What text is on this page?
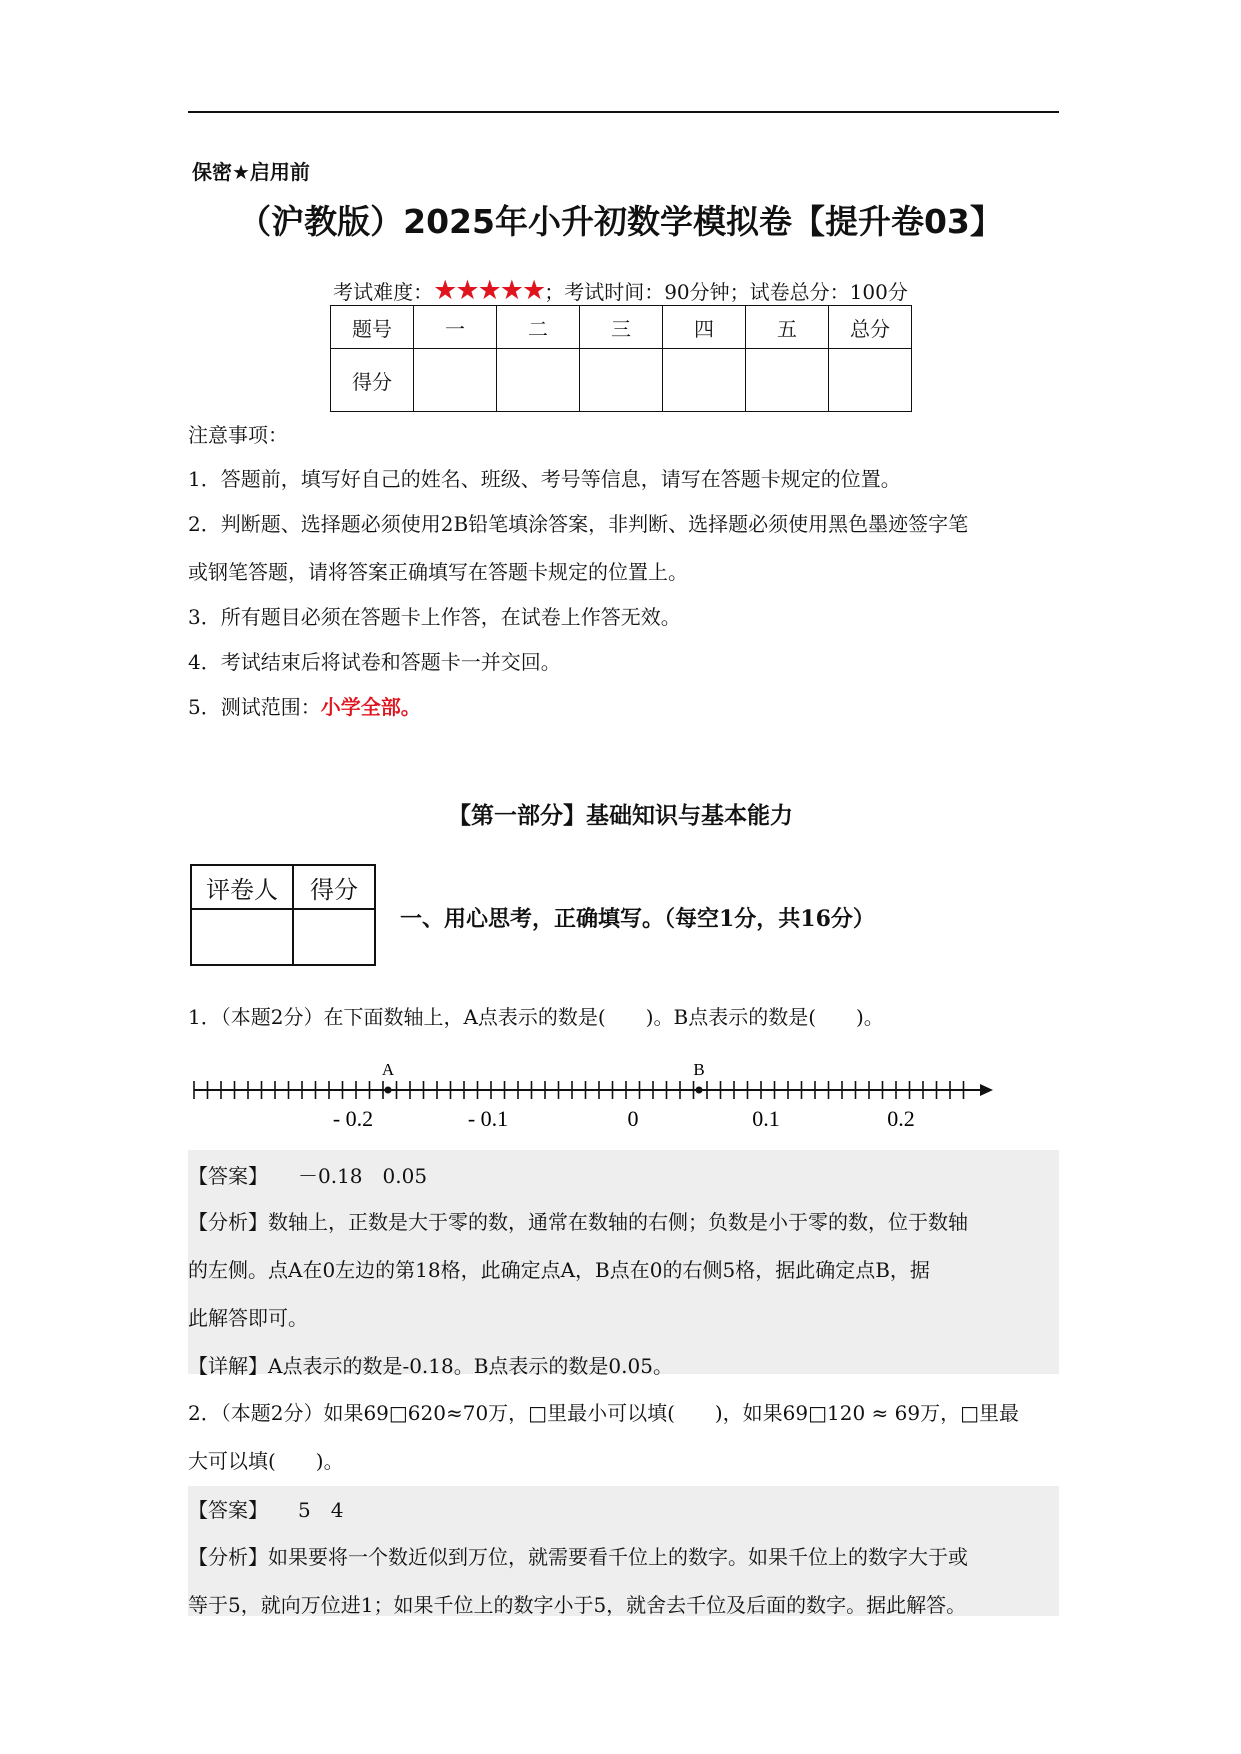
保密★启用前
（沪教版）2025年小升初数学模拟卷【提升卷03】
考试难度：★★★★★；考试时间：90分钟；试卷总分：100分
题号	一	二	三	四	五	总分
得分						
注意事项：
1．答题前，填写好自己的姓名、班级、考号等信息，请写在答题卡规定的位置。
2．判断题、选择题必须使用2B铅笔填涂答案，非判断、选择题必须使用黑色墨迹签字笔
或钢笔答题，请将答案正确填写在答题卡规定的位置上。
3．所有题目必须在答题卡上作答，在试卷上作答无效。
4．考试结束后将试卷和答题卡一并交回。
5．测试范围：小学全部。
【第一部分】基础知识与基本能力
评卷人	得分

一、用心思考，正确填写。（每空1分，共16分）
1．（本题2分）在下面数轴上，A点表示的数是(　　)。B点表示的数是(　　)。
A	B
- 0.2	- 0.1	0	0.1	0.2
【答案】　　－0.18　0.05
【分析】数轴上，正数是大于零的数，通常在数轴的右侧；负数是小于零的数，位于数轴
的左侧。点A在0左边的第18格，此确定点A，B点在0的右侧5格，据此确定点B，据
此解答即可。
【详解】A点表示的数是-0.18。B点表示的数是0.05。
2．（本题2分）如果69□620≈70万，□里最小可以填(　　)，如果69□120 ≈ 69万，□里最
大可以填(　　)。
【答案】　　5　4
【分析】如果要将一个数近似到万位，就需要看千位上的数字。如果千位上的数字大于或
等于5，就向万位进1；如果千位上的数字小于5，就舍去千位及后面的数字。据此解答。
